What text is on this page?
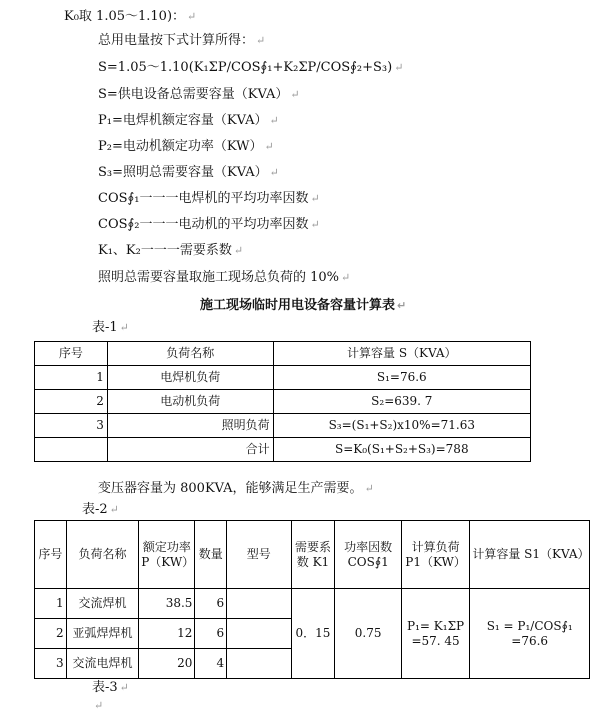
K₀取 1.05～1.10)： ↵
总用电量按下式计算所得： ↵
S=1.05～1.10(K₁ΣP/COS∮₁+K₂ΣP/COS∮₂+S₃) ↵
S=供电设备总需要容量（KVA） ↵
P₁=电焊机额定容量（KVA） ↵
P₂=电动机额定功率（KW） ↵
S₃=照明总需要容量（KVA） ↵
COS∮₁一一一电焊机的平均功率因数 ↵
COS∮₂一一一电动机的平均功率因数 ↵
K₁、K₂一一一需要系数 ↵
照明总需要容量取施工现场总负荷的 10% ↵
施工现场临时用电设备容量计算表 ↵
表-1 ↵
序号	负荷名称	计算容量 S（KVA）
1	电焊机负荷	S₁=76.6
2	电动机负荷	S₂=639. 7
3	照明负荷	S₃=(S₁+S₂)x10%=71.63
	合计	S=K₀(S₁+S₂+S₃)=788
变压器容量为 800KVA，能够满足生产需要。 ↵
表-2 ↵
序号	负荷名称	额定功率 P（KW）	数量	型号	需要系数 K1	功率因数 COS∮1	计算负荷 P1（KW）	计算容量 S1（KVA）
1	交流焊机	38.5	6		0．15	0.75	P₁= K₁ΣP =57. 45	S₁ = P₁/COS∮₁ =76.6
2	亚弧焊焊机	12	6					
3	交流电焊机	20	4					
表-3 ↵
↵
